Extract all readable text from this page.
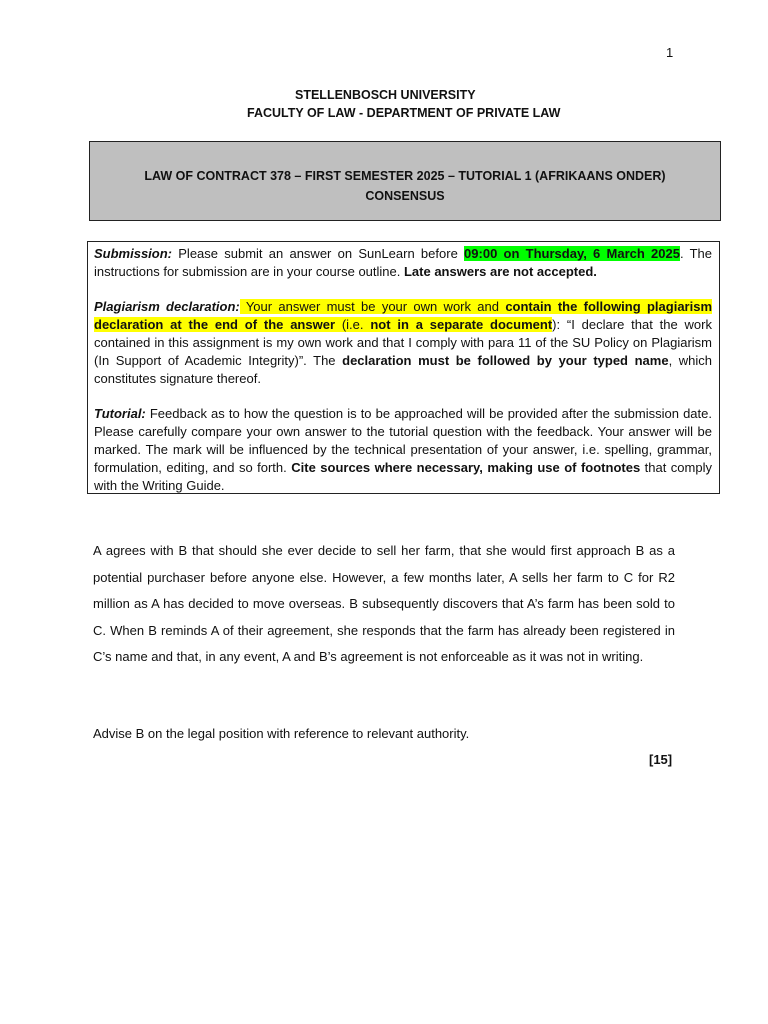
1
STELLENBOSCH UNIVERSITY
FACULTY OF LAW - DEPARTMENT OF PRIVATE LAW
LAW OF CONTRACT 378 – FIRST SEMESTER 2025 – TUTORIAL 1 (AFRIKAANS ONDER)
CONSENSUS

Submission: Please submit an answer on SunLearn before 09:00 on Thursday, 6 March 2025. The instructions for submission are in your course outline. Late answers are not accepted.

Plagiarism declaration: Your answer must be your own work and contain the following plagiarism declaration at the end of the answer (i.e. not in a separate document): “I declare that the work contained in this assignment is my own work and that I comply with para 11 of the SU Policy on Plagiarism (In Support of Academic Integrity)”. The declaration must be followed by your typed name, which constitutes signature thereof.

Tutorial: Feedback as to how the question is to be approached will be provided after the submission date. Please carefully compare your own answer to the tutorial question with the feedback. Your answer will be marked. The mark will be influenced by the technical presentation of your answer, i.e. spelling, grammar, formulation, editing, and so forth. Cite sources where necessary, making use of footnotes that comply with the Writing Guide.

A agrees with B that should she ever decide to sell her farm, that she would first approach B as a potential purchaser before anyone else. However, a few months later, A sells her farm to C for R2 million as A has decided to move overseas. B subsequently discovers that A’s farm has been sold to C. When B reminds A of their agreement, she responds that the farm has already been registered in C’s name and that, in any event, A and B’s agreement is not enforceable as it was not in writing.

Advise B on the legal position with reference to relevant authority.
[15]
